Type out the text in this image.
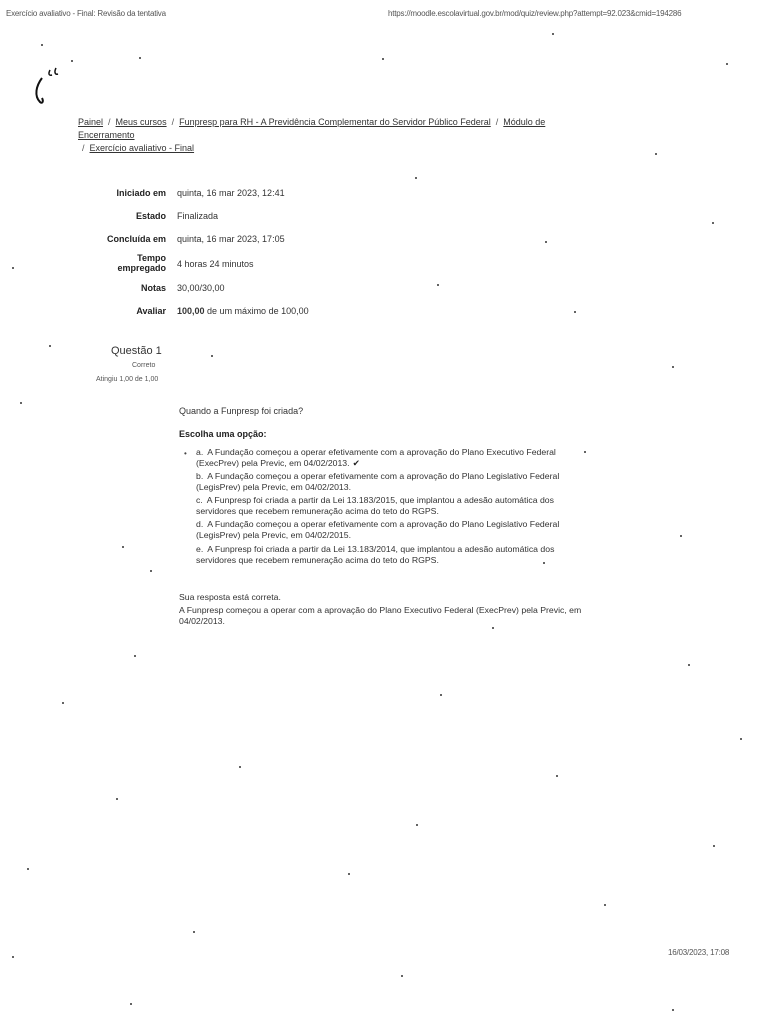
Exercício avaliativo - Final: Revisão da tentativa	https://moodle.escolavirtual.gov.br/mod/quiz/review.php?attempt=92.023&cmid=194286
Painel / Meus cursos / Funpresp para RH - A Previdência Complementar do Servidor Público Federal / Módulo de Encerramento
/ Exercício avaliativo - Final
Iniciado em quinta, 16 mar 2023, 12:41
Estado Finalizada
Concluída em quinta, 16 mar 2023, 17:05
Tempo empregado 4 horas 24 minutos
Notas 30,00/30,00
Avaliar 100,00 de um máximo de 100,00
Questão 1
Correto
Atingiu 1,00 de 1,00
Quando a Funpresp foi criada?
Escolha uma opção:
• a. A Fundação começou a operar efetivamente com a aprovação do Plano Executivo Federal (ExecPrev) pela Previc, em 04/02/2013. ✔
b. A Fundação começou a operar efetivamente com a aprovação do Plano Legislativo Federal (LegisPrev) pela Previc, em 04/02/2013.
c. A Funpresp foi criada a partir da Lei 13.183/2015, que implantou a adesão automática dos servidores que recebem remuneração acima do teto do RGPS.
d. A Fundação começou a operar efetivamente com a aprovação do Plano Legislativo Federal (LegisPrev) pela Previc, em 04/02/2015.
e. A Funpresp foi criada a partir da Lei 13.183/2014, que implantou a adesão automática dos servidores que recebem remuneração acima do teto do RGPS.
Sua resposta está correta.
A Funpresp começou a operar com a aprovação do Plano Executivo Federal (ExecPrev) pela Previc, em 04/02/2013.
16/03/2023, 17:08
